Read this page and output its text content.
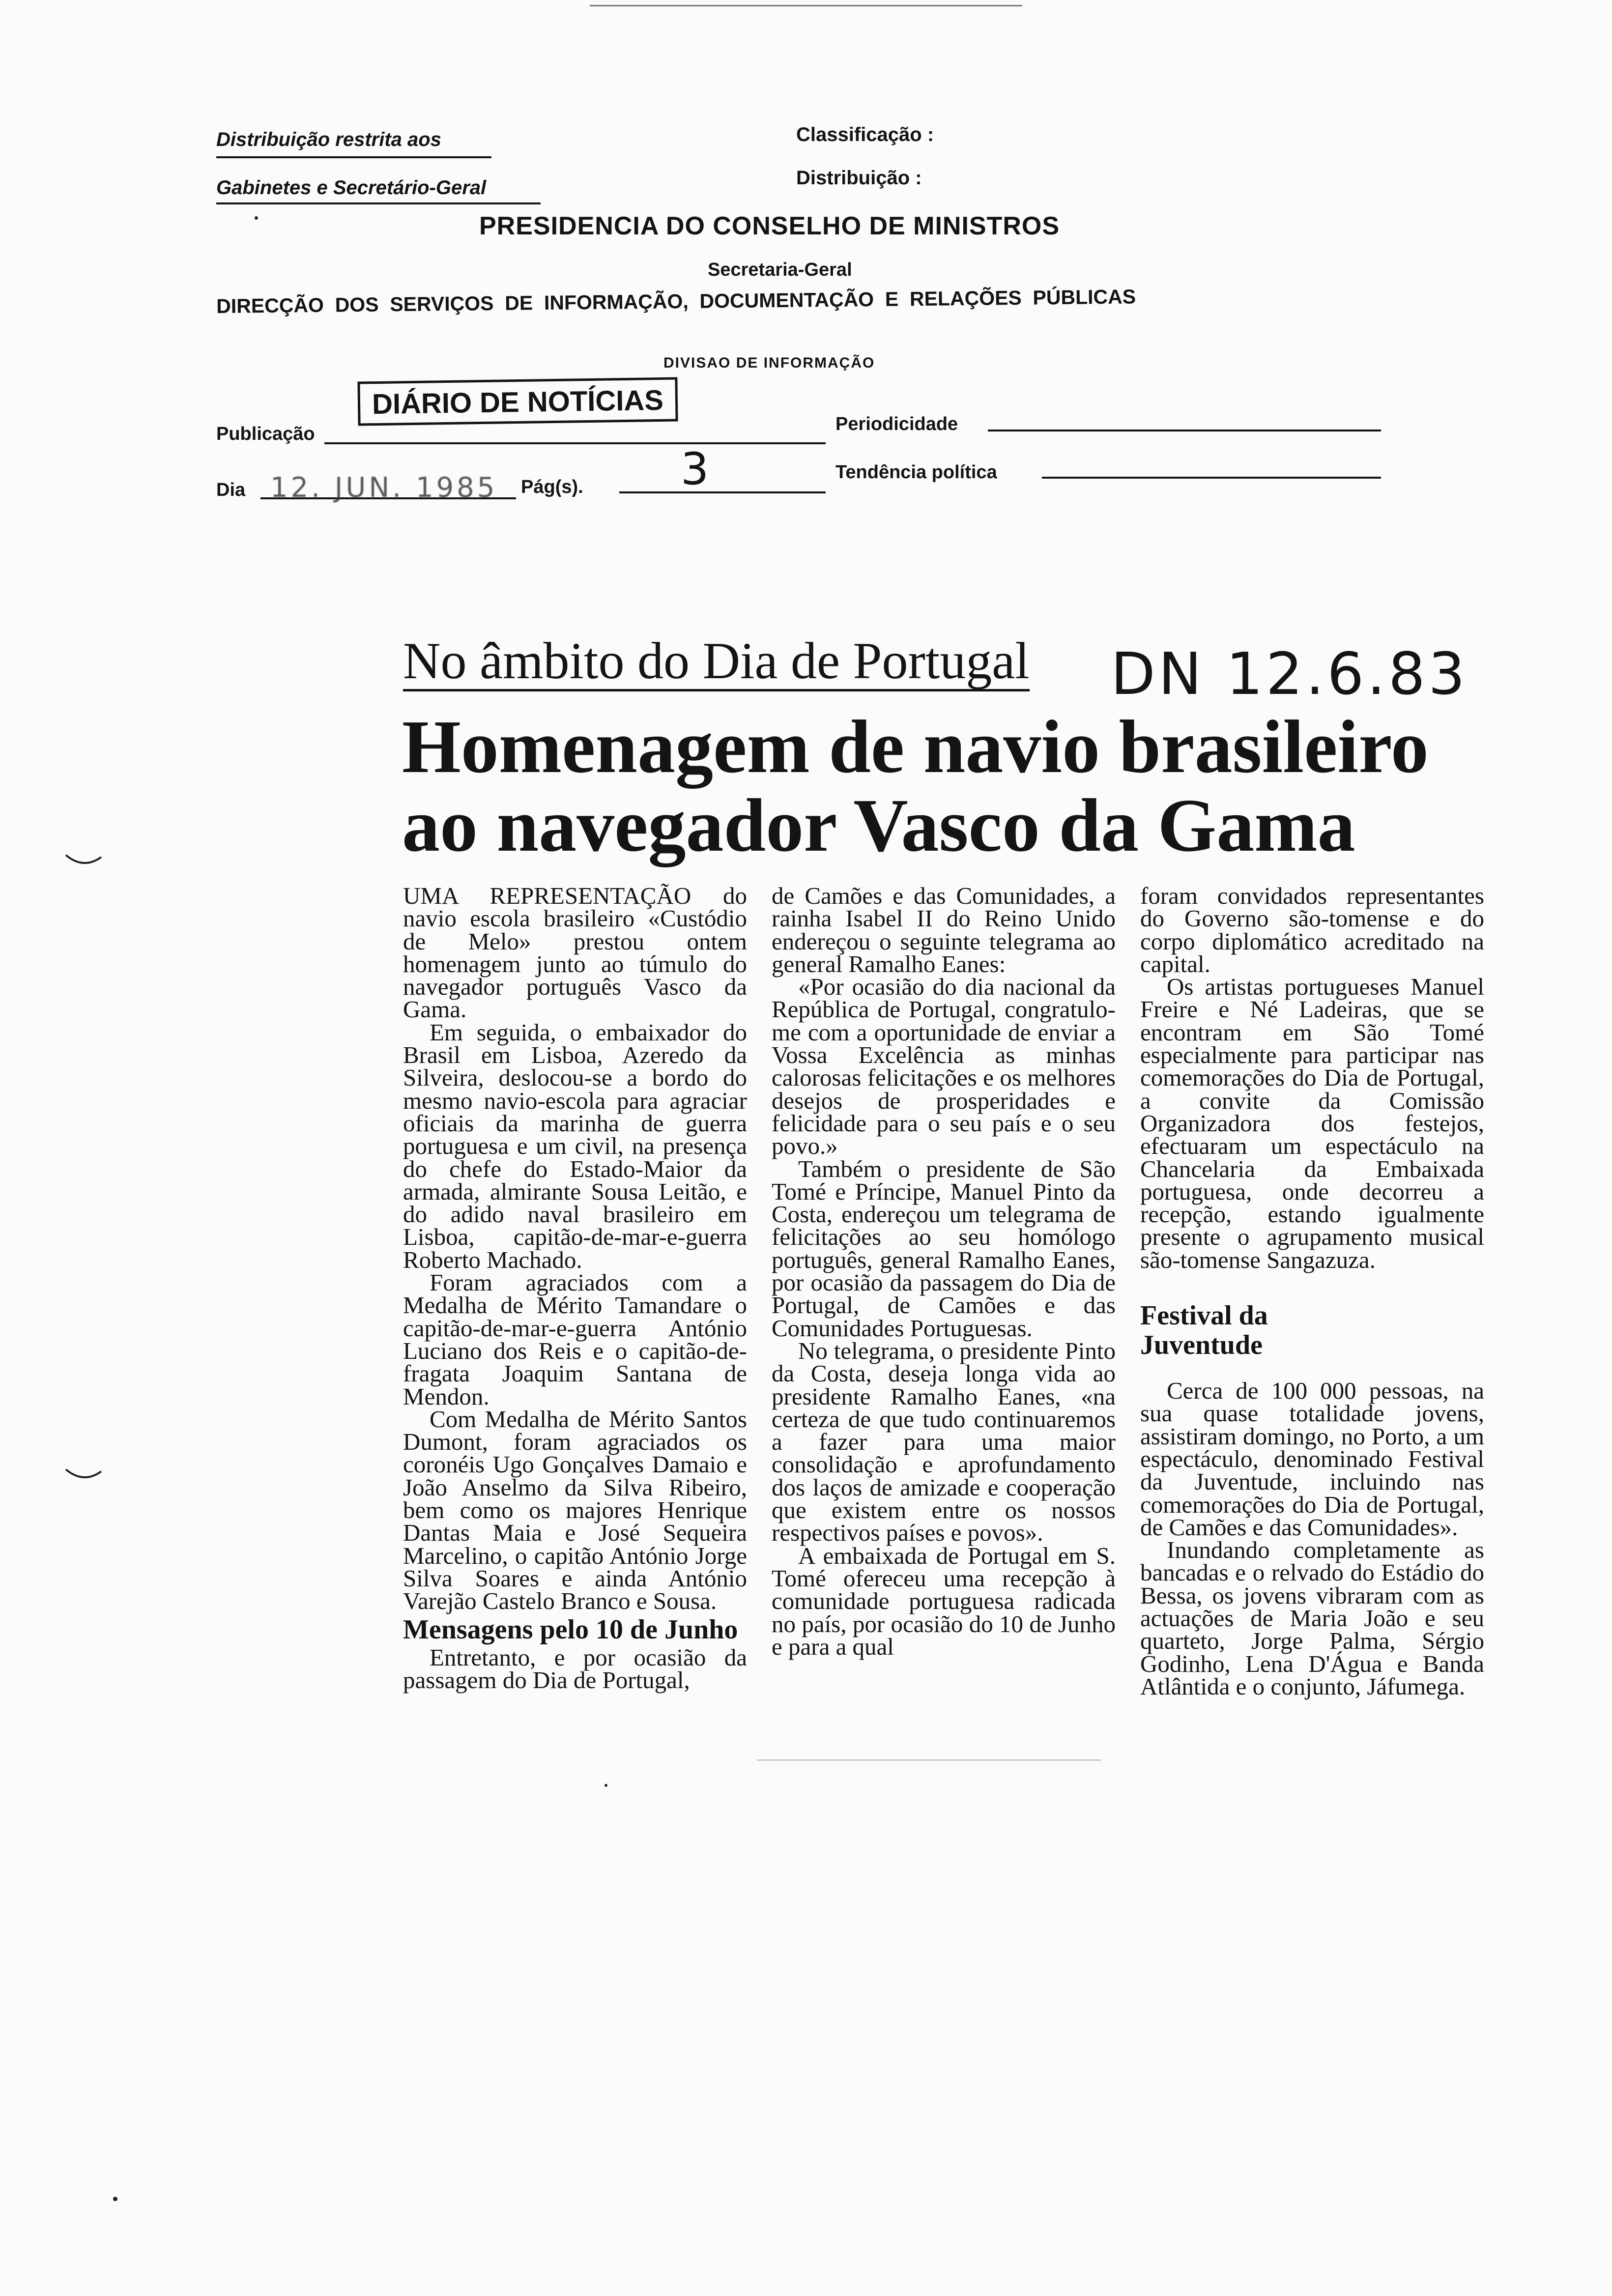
Distribuição restrita aos
Gabinetes e Secretário-Geral
Classificação :
Distribuição :
PRESIDENCIA DO CONSELHO DE MINISTROS
Secretaria-Geral
DIRECÇÃO  DOS  SERVIÇOS  DE  INFORMAÇÃO,  DOCUMENTAÇÃO  E  RELAÇÕES  PÚBLICAS
DIVISAO DE INFORMAÇÃO
Publicação
DIÁRIO DE NOTÍCIAS
Periodicidade
Dia 12. JUN. 1985 Pág(s). 3	Tendência política
No âmbito do Dia de Portugal DN 12.6.83
Homenagem de navio brasileiro
ao navegador Vasco da Gama

UMA REPRESENTAÇÃO do navio escola brasileiro «Custódio de Melo» prestou ontem homenagem junto ao túmulo do navegador português Vasco da Gama.

Em seguida, o embaixador do Brasil em Lisboa, Azeredo da Silveira, deslocou-se a bordo do mesmo navio-escola para agraciar oficiais da marinha de guerra portuguesa e um civil, na presença do chefe do Estado-Maior da armada, almirante Sousa Leitão, e do adido naval brasileiro em Lisboa, capitão-de-mar-e-guerra Roberto Machado.

Foram agraciados com a Medalha de Mérito Tamandare o capitão-de-mar-e-guerra António Luciano dos Reis e o capitão-de-fragata Joaquim Santana de Mendon.

Com Medalha de Mérito Santos Dumont, foram agraciados os coronéis Ugo Gonçalves Damaio e João Anselmo da Silva Ribeiro, bem como os majores Henrique Dantas Maia e José Sequeira Marcelino, o capitão António Jorge Silva Soares e ainda António Varejão Castelo Branco e Sousa.

Mensagens pelo 10 de Junho

Entretanto, e por ocasião da passagem do Dia de Portugal,

de Camões e das Comunidades, a rainha Isabel II do Reino Unido endereçou o seguinte telegrama ao general Ramalho Eanes:

«Por ocasião do dia nacional da República de Portugal, congratulo-me com a oportunidade de enviar a Vossa Excelência as minhas calorosas felicitações e os melhores desejos de prosperidades e felicidade para o seu país e o seu povo.»

Também o presidente de São Tomé e Príncipe, Manuel Pinto da Costa, endereçou um telegrama de felicitações ao seu homólogo português, general Ramalho Eanes, por ocasião da passagem do Dia de Portugal, de Camões e das Comunidades Portuguesas.

No telegrama, o presidente Pinto da Costa, deseja longa vida ao presidente Ramalho Eanes, «na certeza de que tudo continuaremos a fazer para uma maior consolidação e aprofundamento dos laços de amizade e cooperação que existem entre os nossos respectivos países e povos».

A embaixada de Portugal em S. Tomé ofereceu uma recepção à comunidade portuguesa radicada no país, por ocasião do 10 de Junho e para a qual

foram convidados representantes do Governo são-tomense e do corpo diplomático acreditado na capital.

Os artistas portugueses Manuel Freire e Né Ladeiras, que se encontram em São Tomé especialmente para participar nas comemorações do Dia de Portugal, a convite da Comissão Organizadora dos festejos, efectuaram um espectáculo na Chancelaria da Embaixada portuguesa, onde decorreu a recepção, estando igualmente presente o agrupamento musical são-tomense Sangazuza.

Festival da Juventude

Cerca de 100 000 pessoas, na sua quase totalidade jovens, assistiram domingo, no Porto, a um espectáculo, denominado Festival da Juventude, incluindo nas comemorações do Dia de Portugal, de Camões e das Comunidades».

Inundando completamente as bancadas e o relvado do Estádio do Bessa, os jovens vibraram com as actuações de Maria João e seu quarteto, Jorge Palma, Sérgio Godinho, Lena D'Água e Banda Atlântida e o conjunto, Jáfumega.
